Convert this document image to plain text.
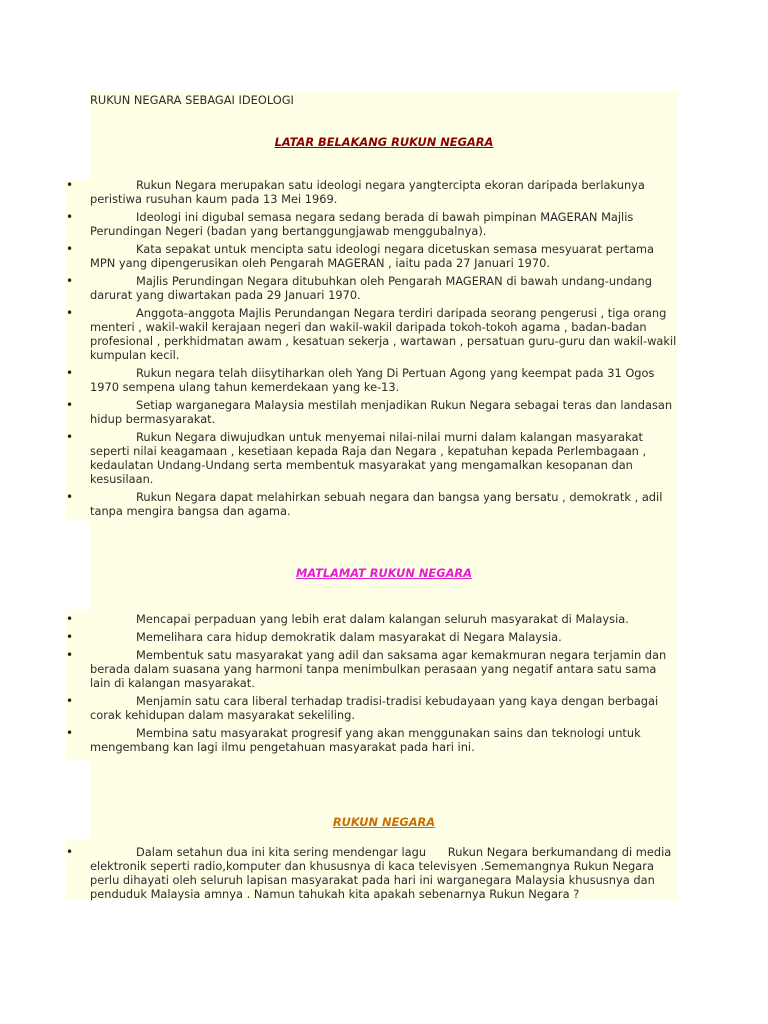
RUKUN NEGARA SEBAGAI IDEOLOGI
LATAR BELAKANG RUKUN NEGARA
•	Rukun Negara merupakan satu ideologi negara yangtercipta ekoran daripada berlakunya peristiwa rusuhan kaum pada 13 Mei 1969.
•	Ideologi ini digubal semasa negara sedang berada di bawah pimpinan MAGERAN Majlis Perundingan Negeri (badan yang bertanggungjawab menggubalnya).
•	Kata sepakat untuk mencipta satu ideologi negara dicetuskan semasa mesyuarat pertama MPN yang dipengerusikan oleh Pengarah MAGERAN , iaitu pada 27 Januari 1970.
•	Majlis Perundingan Negara ditubuhkan oleh Pengarah MAGERAN di bawah undang-undang darurat yang diwartakan pada 29 Januari 1970.
•	Anggota-anggota Majlis Perundangan Negara terdiri daripada seorang pengerusi , tiga orang menteri , wakil-wakil kerajaan negeri dan wakil-wakil daripada tokoh-tokoh agama , badan-badan profesional , perkhidmatan awam , kesatuan sekerja , wartawan , persatuan guru-guru dan wakil-wakil kumpulan kecil.
•	Rukun negara telah diisytiharkan oleh Yang Di Pertuan Agong yang keempat pada 31 Ogos 1970 sempena ulang tahun kemerdekaan yang ke-13.
•	Setiap warganegara Malaysia mestilah menjadikan Rukun Negara sebagai teras dan landasan hidup bermasyarakat.
•	Rukun Negara diwujudkan untuk menyemai nilai-nilai murni dalam kalangan masyarakat seperti nilai keagamaan , kesetiaan kepada Raja dan Negara , kepatuhan kepada Perlembagaan , kedaulatan Undang-Undang serta membentuk masyarakat yang mengamalkan kesopanan dan kesusilaan.
•	Rukun Negara dapat melahirkan sebuah negara dan bangsa yang bersatu , demokratk , adil tanpa mengira bangsa dan agama.
MATLAMAT RUKUN NEGARA
•	Mencapai perpaduan yang lebih erat dalam kalangan seluruh masyarakat di Malaysia.
•	Memelihara cara hidup demokratik dalam masyarakat di Negara Malaysia.
•	Membentuk satu masyarakat yang adil dan saksama agar kemakmuran negara terjamin dan berada dalam suasana yang harmoni tanpa menimbulkan perasaan yang negatif antara satu sama lain di kalangan masyarakat.
•	Menjamin satu cara liberal terhadap tradisi-tradisi kebudayaan yang kaya dengan berbagai corak kehidupan dalam masyarakat sekeliling.
•	Membina satu masyarakat progresif yang akan menggunakan sains dan teknologi untuk mengembang kan lagi ilmu pengetahuan masyarakat pada hari ini.
RUKUN NEGARA
•	Dalam setahun dua ini kita sering mendengar lagu      Rukun Negara berkumandang di media elektronik seperti radio,komputer dan khususnya di kaca televisyen .Sememangnya Rukun Negara perlu dihayati oleh seluruh lapisan masyarakat pada hari ini warganegara Malaysia khususnya dan penduduk Malaysia amnya . Namun tahukah kita apakah sebenarnya Rukun Negara ?
